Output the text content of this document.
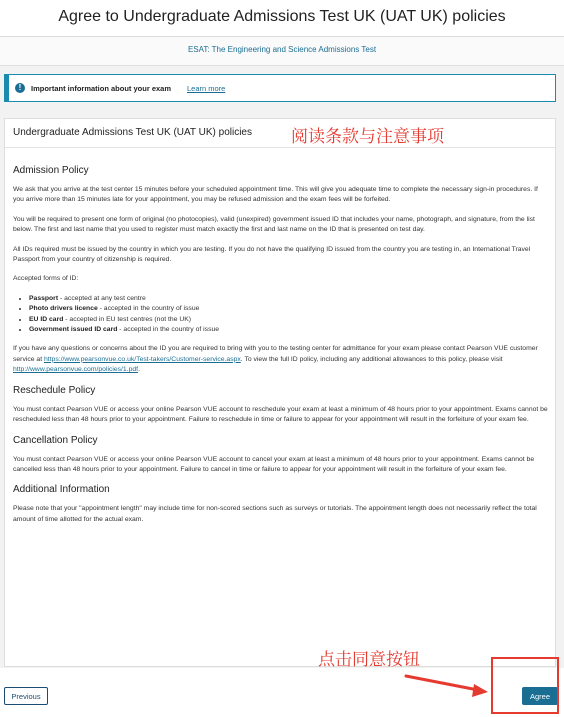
Agree to Undergraduate Admissions Test UK (UAT UK) policies
ESAT: The Engineering and Science Admissions Test
!	Important information about your exam Learn more
Undergraduate Admissions Test UK (UAT UK) policies 阅读条款与注意事项
Admission Policy

We ask that you arrive at the test center 15 minutes before your scheduled appointment time. This will give you adequate time to complete the necessary sign-in procedures. If you arrive more than 15 minutes late for your appointment, you may be refused admission and the exam fees will be forfeited.

You will be required to present one form of original (no photocopies), valid (unexpired) government issued ID that includes your name, photograph, and signature, from the list below. The first and last name that you used to register must match exactly the first and last name on the ID that is presented on test day.

All IDs required must be issued by the country in which you are testing. If you do not have the qualifying ID issued from the country you are testing in, an International Travel Passport from your country of citizenship is required.

Accepted forms of ID:

• Passport - accepted at any test centre
• Photo drivers licence - accepted in the country of issue
• EU ID card - accepted in EU test centres (not the UK)
• Government issued ID card - accepted in the country of issue

If you have any questions or concerns about the ID you are required to bring with you to the testing center for admittance for your exam please contact Pearson VUE customer service at https://www.pearsonvue.co.uk/Test-takers/Customer-service.aspx. To view the full ID policy, including any additional allowances to this policy, please visit http://www.pearsonvue.com/policies/1.pdf.

Reschedule Policy

You must contact Pearson VUE or access your online Pearson VUE account to reschedule your exam at least a minimum of 48 hours prior to your appointment. Exams cannot be rescheduled less than 48 hours prior to your appointment. Failure to reschedule in time or failure to appear for your appointment will result in the forfeiture of your exam fee.

Cancellation Policy

You must contact Pearson VUE or access your online Pearson VUE account to cancel your exam at least a minimum of 48 hours prior to your appointment. Exams cannot be cancelled less than 48 hours prior to your appointment. Failure to cancel in time or failure to appear for your appointment will result in the forfeiture of your exam fee.

Additional Information

Please note that your "appointment length" may include time for non-scored sections such as surveys or tutorials. The appointment length does not necessarily reflect the total amount of time allotted for the actual exam.

Previous	Agree
点击同意按钮
